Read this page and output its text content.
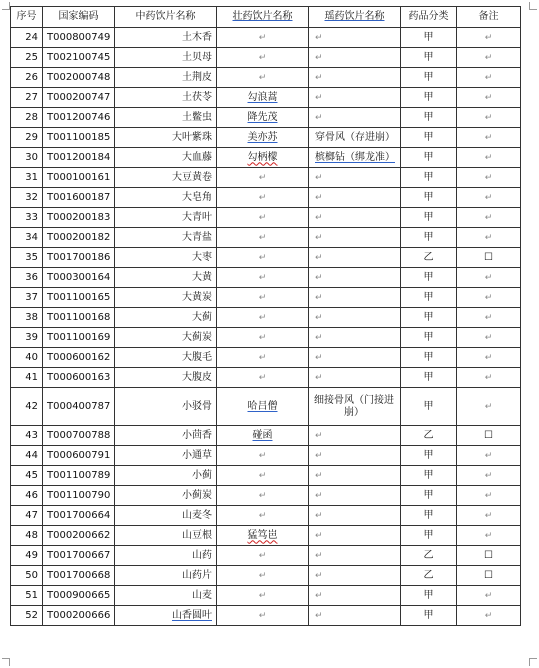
序号	国家编码	中药饮片名称	壮药饮片名称	瑶药饮片名称	药品分类	备注
24	T000800749	土木香	↵	↵	甲	↵
25	T002100745	土贝母	↵	↵	甲	↵
26	T002000748	土荆皮	↵	↵	甲	↵
27	T000200747	土茯苓	勾浪蒿	↵	甲	↵
28	T001200746	土鳖虫	降先茂	↵	甲	↵
29	T001100185	大叶紫珠	美亦苏	穿骨风（存进崩）	甲	↵
30	T001200184	大血藤	勾柄檬	槟榔钻（绑龙准）	甲	↵
31	T000100161	大豆黄卷	↵	↵	甲	↵
32	T001600187	大皂角	↵	↵	甲	↵
33	T000200183	大青叶	↵	↵	甲	↵
34	T000200182	大青盐	↵	↵	甲	↵
35	T001700186	大枣	↵	↵	乙	☐
36	T000300164	大黄	↵	↵	甲	↵
37	T001100165	大黄炭	↵	↵	甲	↵
38	T001100168	大蓟	↵	↵	甲	↵
39	T001100169	大蓟炭	↵	↵	甲	↵
40	T000600162	大腹毛	↵	↵	甲	↵
41	T000600163	大腹皮	↵	↵	甲	↵
42	T000400787	小驳骨	哈吕僧	细接骨风（门接进崩）	甲	↵
43	T000700788	小茴香	碰函	↵	乙	☐
44	T000600791	小通草	↵	↵	甲	↵
45	T001100789	小蓟	↵	↵	甲	↵
46	T001100790	小蓟炭	↵	↵	甲	↵
47	T001700664	山麦冬	↵	↵	甲	↵
48	T000200662	山豆根	猛笃岜	↵	甲	↵
49	T001700667	山药	↵	↵	乙	☐
50	T001700668	山药片	↵	↵	乙	☐
51	T000900665	山麦	↵	↵	甲	↵
52	T000200666	山香圆叶	↵	↵	甲	↵
